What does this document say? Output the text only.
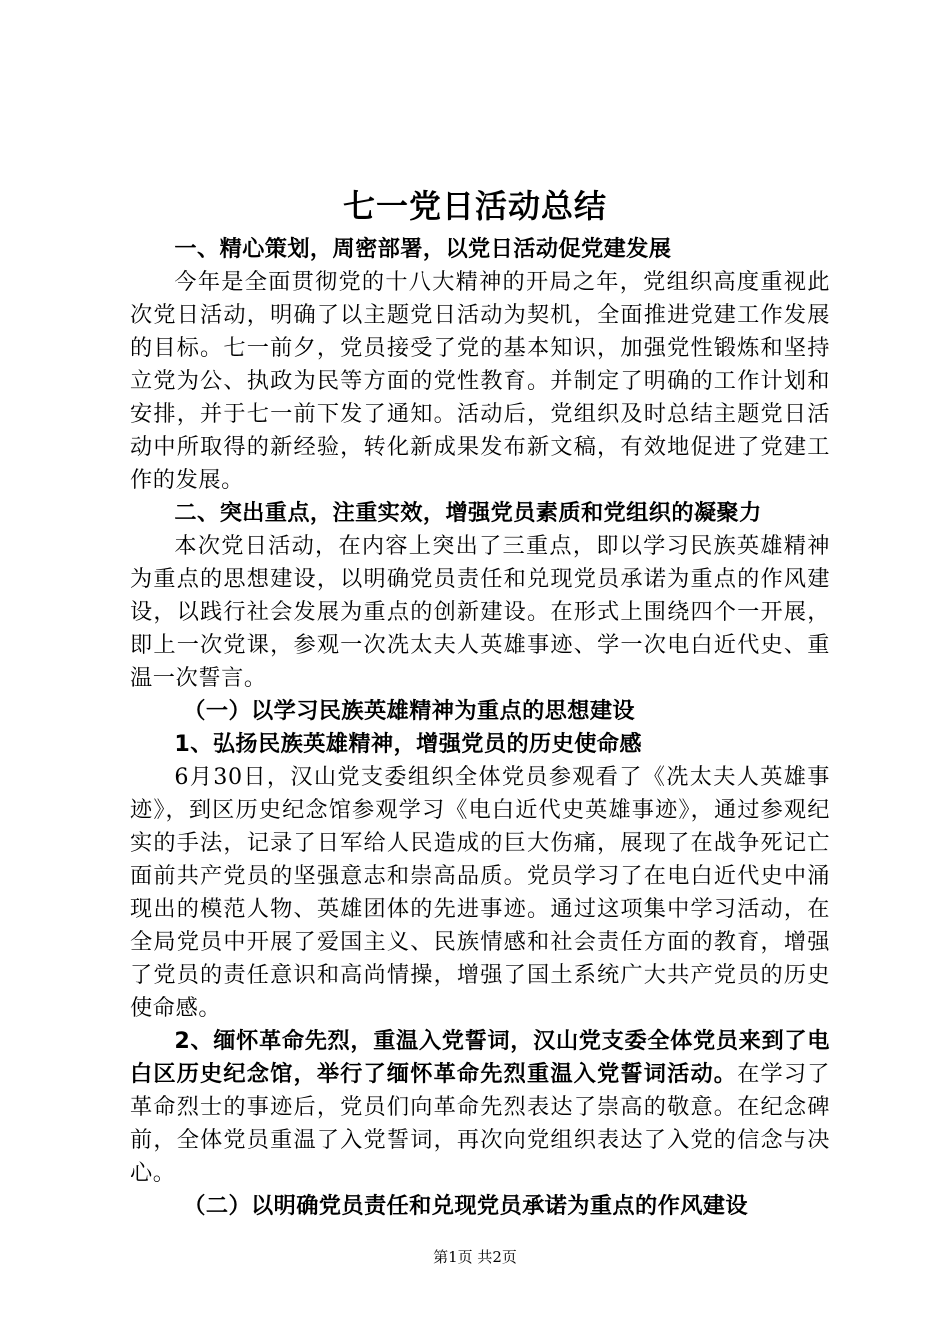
七一党日活动总结

一、精心策划，周密部署，以党日活动促党建发展

今年是全面贯彻党的十八大精神的开局之年，党组织高度重视此次党日活动，明确了以主题党日活动为契机，全面推进党建工作发展的目标。七一前夕，党员接受了党的基本知识，加强党性锻炼和坚持立党为公、执政为民等方面的党性教育。并制定了明确的工作计划和安排，并于七一前下发了通知。活动后，党组织及时总结主题党日活动中所取得的新经验，转化新成果发布新文稿，有效地促进了党建工作的发展。

二、突出重点，注重实效，增强党员素质和党组织的凝聚力

本次党日活动，在内容上突出了三重点，即以学习民族英雄精神为重点的思想建设，以明确党员责任和兑现党员承诺为重点的作风建设，以践行社会发展为重点的创新建设。在形式上围绕四个一开展，即上一次党课，参观一次冼太夫人英雄事迹、学一次电白近代史、重温一次誓言。

（一）以学习民族英雄精神为重点的思想建设

1、弘扬民族英雄精神，增强党员的历史使命感

6月30日，汉山党支委组织全体党员参观看了《冼太夫人英雄事迹》，到区历史纪念馆参观学习《电白近代史英雄事迹》，通过参观纪实的手法，记录了日军给人民造成的巨大伤痛，展现了在战争死记亡面前共产党员的坚强意志和崇高品质。党员学习了在电白近代史中涌现出的模范人物、英雄团体的先进事迹。通过这项集中学习活动，在全局党员中开展了爱国主义、民族情感和社会责任方面的教育，增强了党员的责任意识和高尚情操，增强了国土系统广大共产党员的历史使命感。

2、缅怀革命先烈，重温入党誓词，汉山党支委全体党员来到了电白区历史纪念馆，举行了缅怀革命先烈重温入党誓词活动。在学习了革命烈士的事迹后，党员们向革命先烈表达了崇高的敬意。在纪念碑前，全体党员重温了入党誓词，再次向党组织表达了入党的信念与决心。

（二）以明确党员责任和兑现党员承诺为重点的作风建设

第1页 共2页
